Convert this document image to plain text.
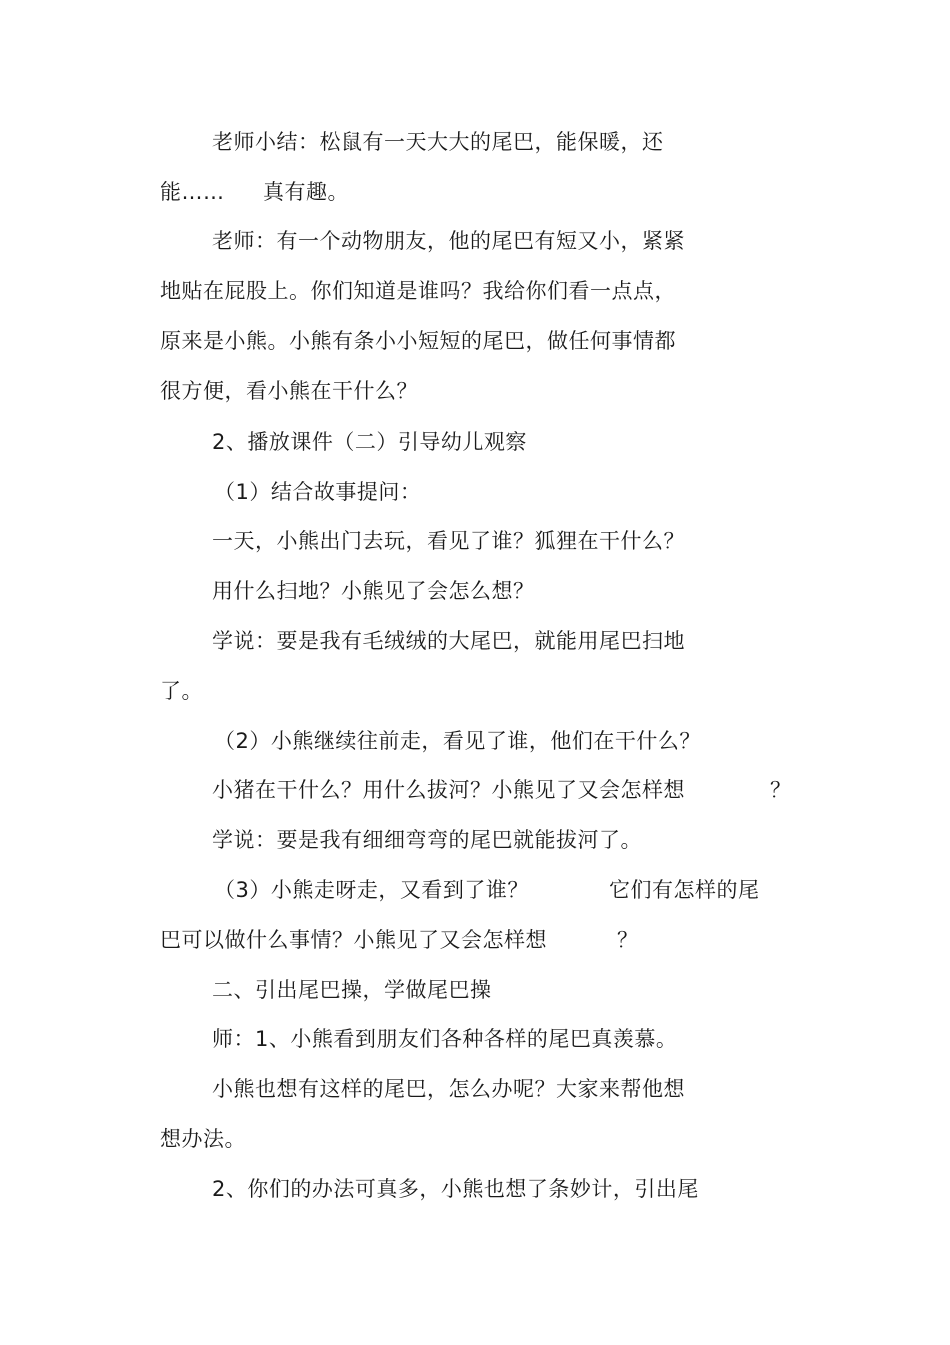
老师小结：松鼠有一天大大的尾巴，能保暖，还
能…… 真有趣。
老师：有一个动物朋友，他的尾巴有短又小，紧紧
地贴在屁股上。你们知道是谁吗？我给你们看一点点，
原来是小熊。小熊有条小小短短的尾巴，做任何事情都
很方便，看小熊在干什么？
2、播放课件（二）引导幼儿观察
（1）结合故事提问：
一天，小熊出门去玩，看见了谁？狐狸在干什么？
用什么扫地？小熊见了会怎么想？
学说：要是我有毛绒绒的大尾巴，就能用尾巴扫地
了。
（2）小熊继续往前走，看见了谁，他们在干什么？
小猪在干什么？用什么拔河？小熊见了又会怎样想	？
学说：要是我有细细弯弯的尾巴就能拔河了。
（3）小熊走呀走，又看到了谁？	它们有怎样的尾
巴可以做什么事情？小熊见了又会怎样想	？
二、引出尾巴操，学做尾巴操
师：1、小熊看到朋友们各种各样的尾巴真羡慕。
小熊也想有这样的尾巴，怎么办呢？大家来帮他想
想办法。
2、你们的办法可真多，小熊也想了条妙计，引出尾
